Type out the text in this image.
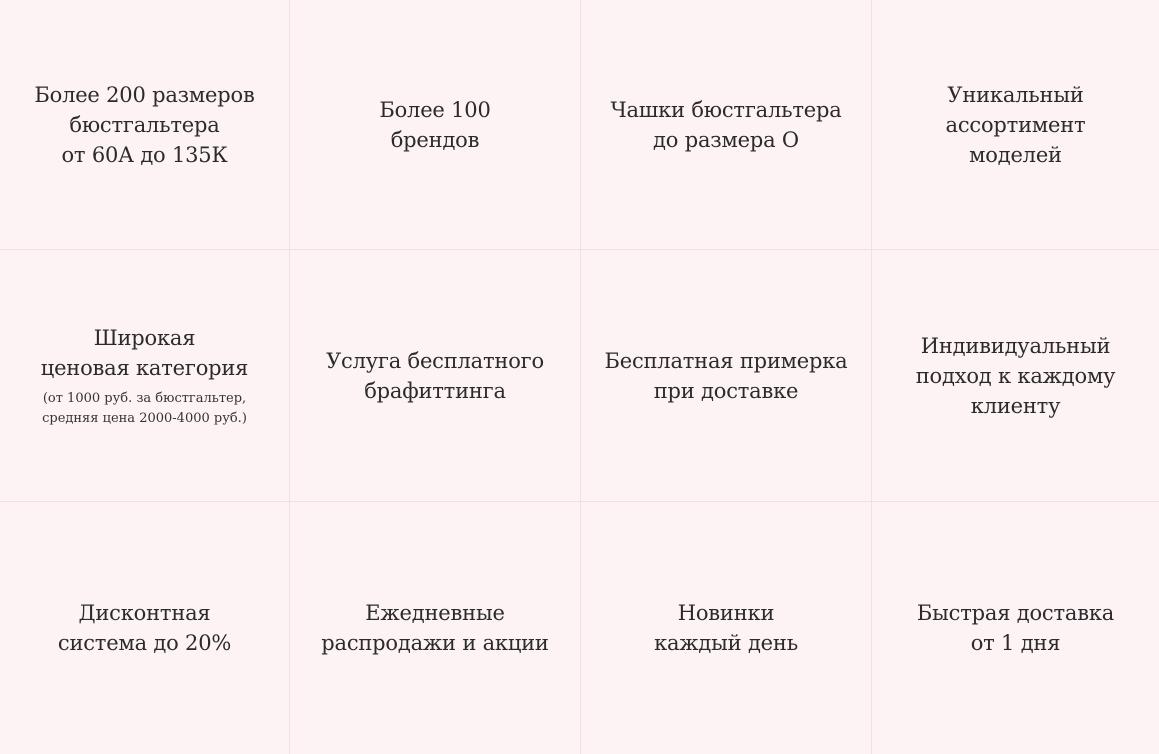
Более 200 размеров
бюстгальтера
от 60А до 135К
Более 100
брендов
Чашки бюстгальтера
до размера О
Уникальный
ассортимент
моделей
Широкая
ценовая категория
(от 1000 руб. за бюстгальтер,
средняя цена 2000-4000 руб.)
Услуга бесплатного
брафиттинга
Бесплатная примерка
при доставке
Индивидуальный
подход к каждому
клиенту
Дисконтная
система до 20%
Ежедневные
распродажи и акции
Новинки
каждый день
Быстрая доставка
от 1 дня
